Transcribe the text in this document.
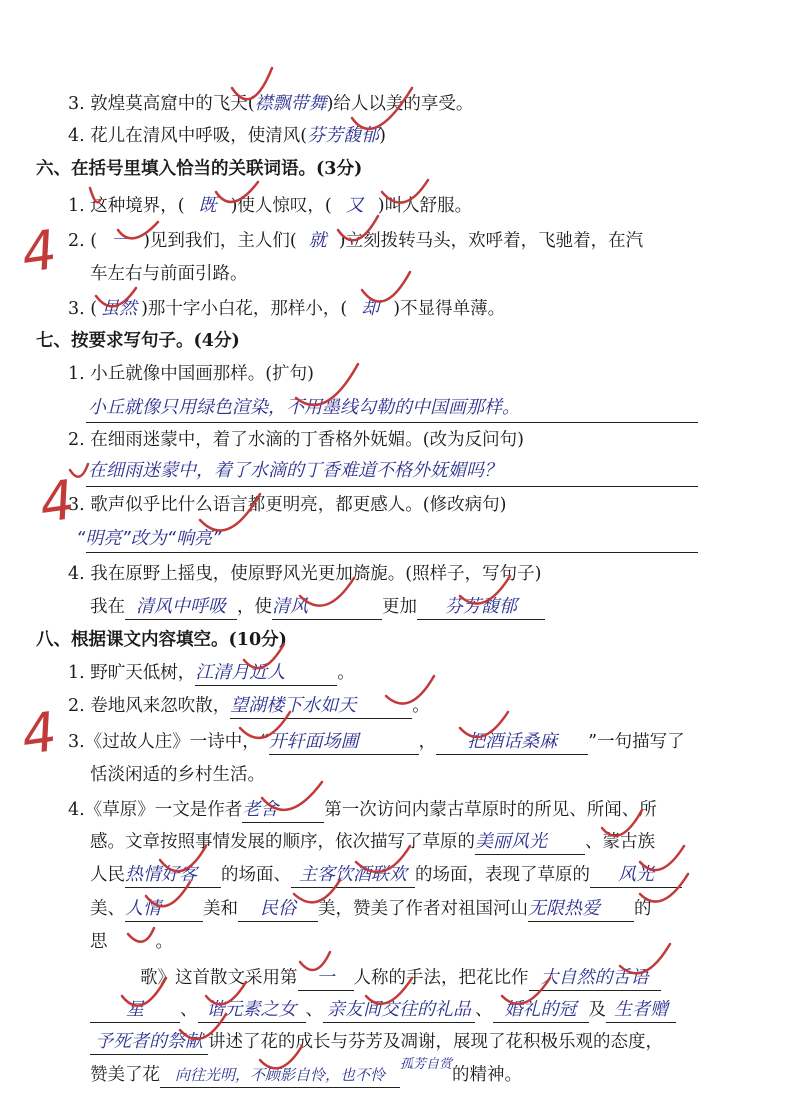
3. 敦煌莫高窟中的飞天(襟飘带舞)给人以美的享受。
4. 花儿在清风中呼吸，使清风(芬芳馥郁)
六、在括号里填入恰当的关联词语。(3分)
1. 这种境界，( 既 )使人惊叹，( 又 )叫人舒服。
2. ( 一 )见到我们，主人们( 就 )立刻拨转马头，欢呼着，飞驰着，在汽
车左右与前面引路。
3. ( 虽然 )那十字小白花，那样小，( 却 )不显得单薄。
七、按要求写句子。(4分)
1. 小丘就像中国画那样。(扩句)
小丘就像只用绿色渲染，不用墨线勾勒的中国画那样。
2. 在细雨迷蒙中，着了水滴的丁香格外妩媚。(改为反问句)
在细雨迷蒙中，着了水滴的丁香难道不格外妩媚吗？
3. 歌声似乎比什么语言都更明亮，都更感人。(修改病句)
“明亮”改为“响亮”
4. 我在原野上摇曳，使原野风光更加旖旎。(照样子，写句子)
我在 清风中呼吸 ，使清风	更加 芬芳馥郁
八、根据课文内容填空。(10分)
1. 野旷天低树，江清月近人	。
2. 卷地风来忽吹散，望湖楼下水如天	。
3.《过故人庄》一诗中，“开轩面场圃	， 把酒话桑麻 ”一句描写了
恬淡闲适的乡村生活。
4.《草原》一文是作者老舍	第一次访问内蒙古草原时的所见、所闻、所
感。文章按照事情发展的顺序，依次描写了草原的美丽风光 、蒙古族
人民热情好客 的场面、 主客饮酒联欢 的场面，表现了草原的 风光
美、人情 美和 民俗 美，赞美了作者对祖国河山无限热爱 的
思	。
歌》这首散文采用第 一 人称的手法，把花比作 大自然的舌语
星 、 谐元素之女 、 亲友间交往的礼品 、 婚礼的冠 及 生者赠
予死者的祭献 讲述了花的成长与芬芳及凋谢，展现了花积极乐观的态度，
赞美了花 向往光明，不顾影自怜，也不怜$^{孤芳自赏}$的精神。
4
4
4
